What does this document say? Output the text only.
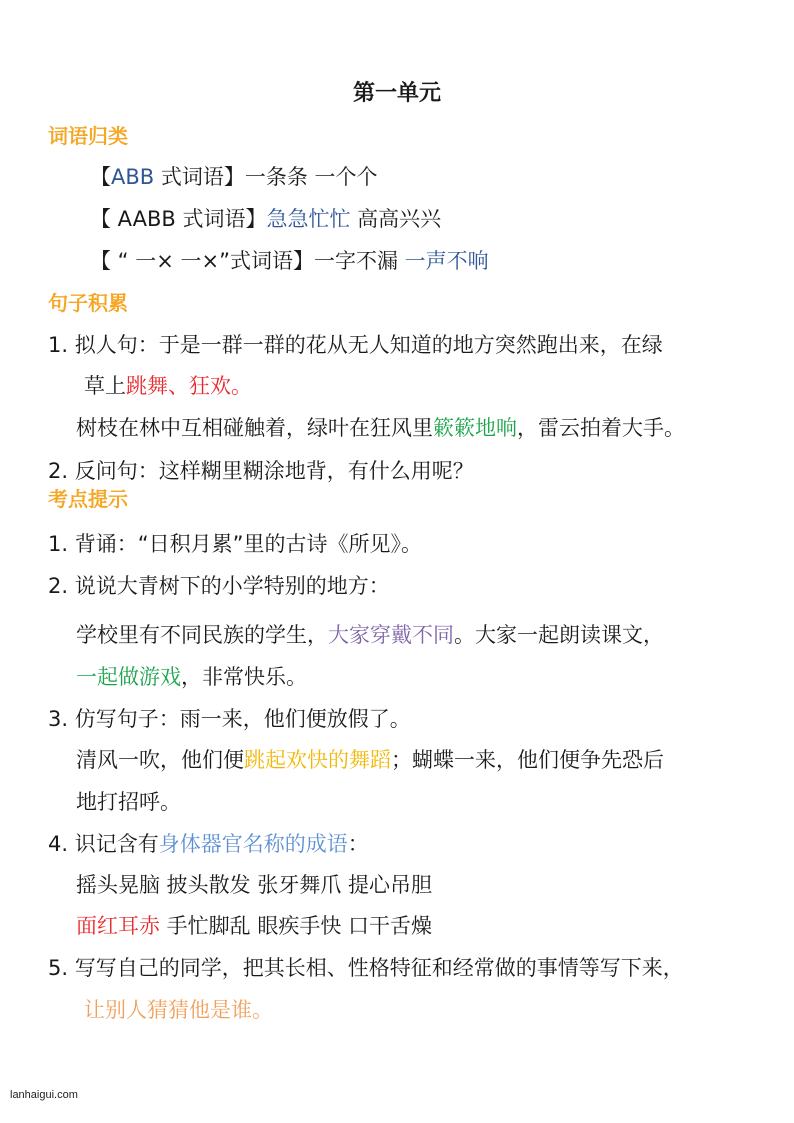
第一单元
词语归类
【ABB 式词语】一条条 一个个
【 AABB 式词语】急急忙忙 高高兴兴
【 “ 一× 一×”式词语】一字不漏 一声不响
句子积累
1. 拟人句：于是一群一群的花从无人知道的地方突然跑出来，在绿
草上跳舞、狂欢。
树枝在林中互相碰触着，绿叶在狂风里簌簌地响，雷云拍着大手。
2. 反问句：这样糊里糊涂地背，有什么用呢？
考点提示
1. 背诵：“日积月累”里的古诗《所见》。
2. 说说大青树下的小学特别的地方：
学校里有不同民族的学生，大家穿戴不同。大家一起朗读课文，
一起做游戏，非常快乐。
3. 仿写句子：雨一来，他们便放假了。
清风一吹，他们便跳起欢快的舞蹈；蝴蝶一来，他们便争先恐后
地打招呼。
4. 识记含有身体器官名称的成语：
摇头晃脑 披头散发 张牙舞爪 提心吊胆
面红耳赤 手忙脚乱 眼疾手快 口干舌燥
5. 写写自己的同学，把其长相、性格特征和经常做的事情等写下来，
让别人猜猜他是谁。
lanhaigui.com
